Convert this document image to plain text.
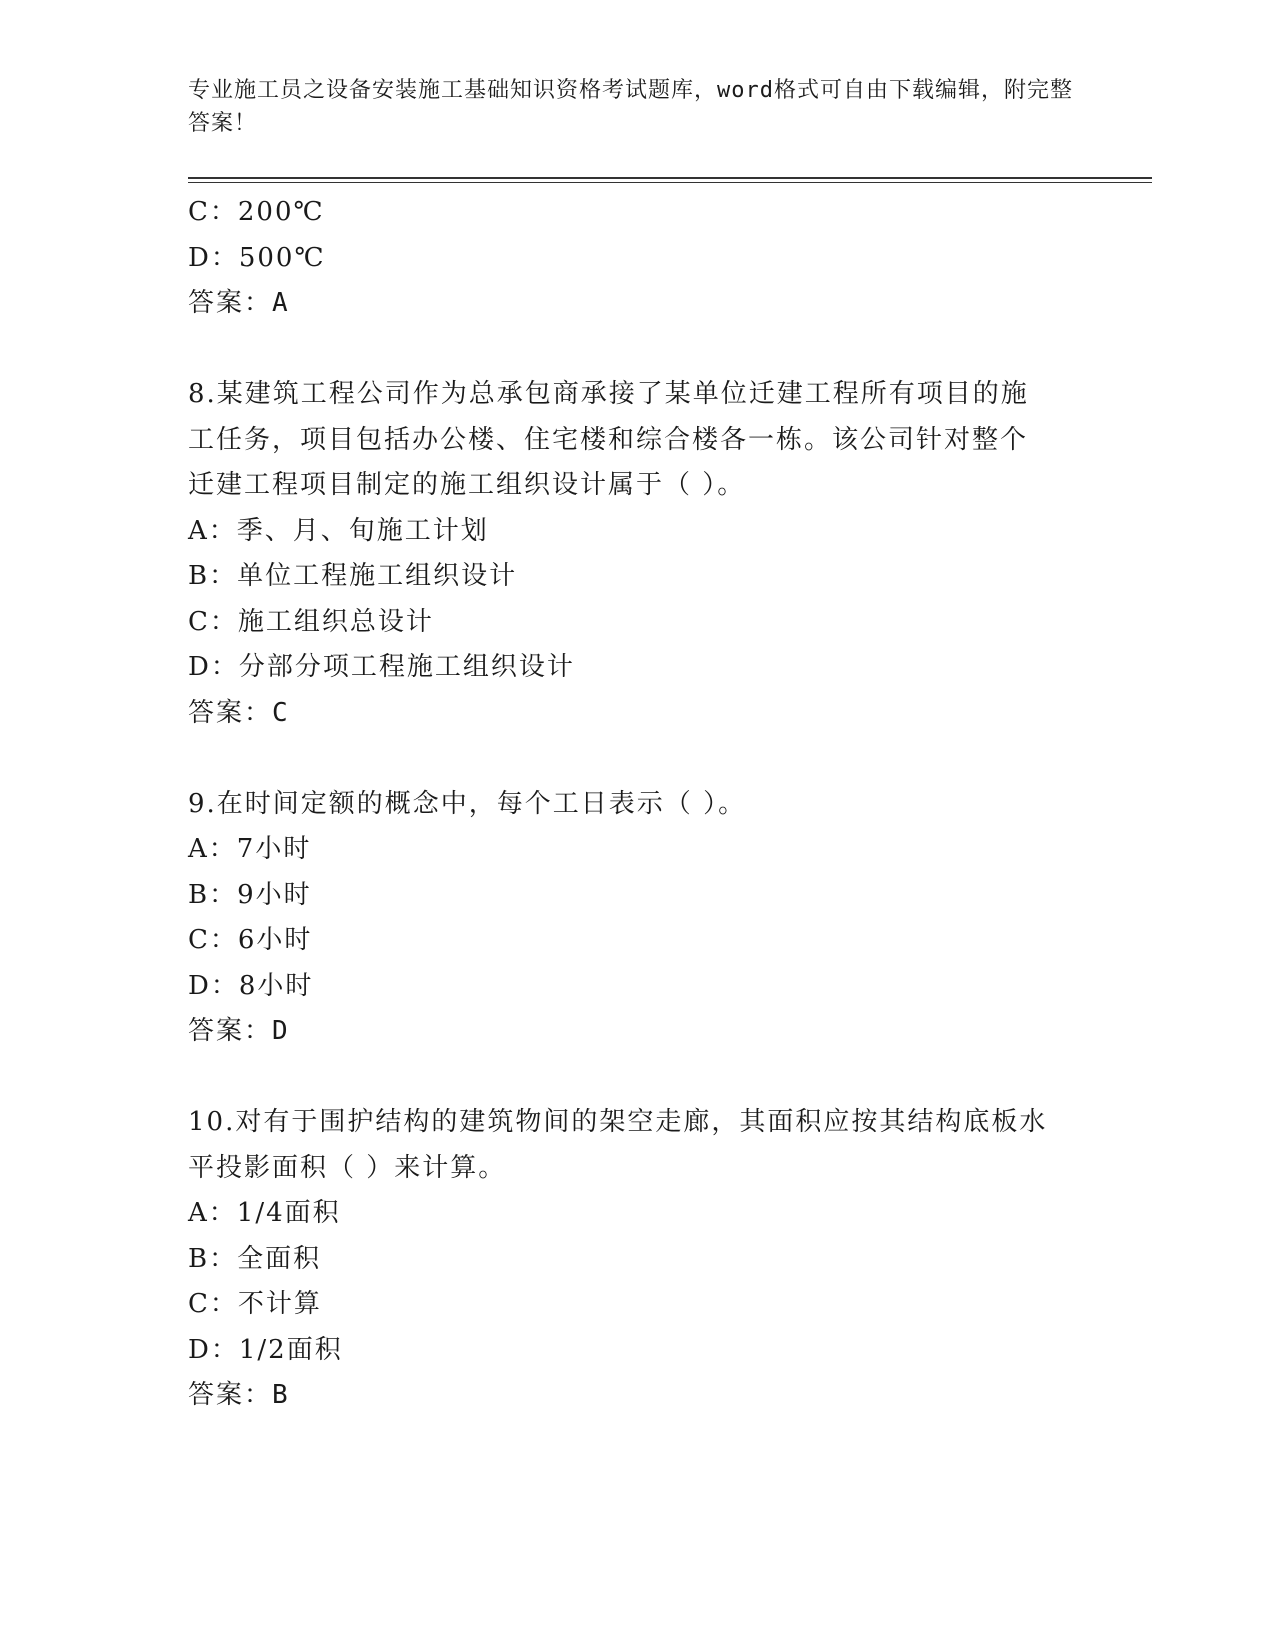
专业施工员之设备安装施工基础知识资格考试题库，word格式可自由下载编辑，附完整答案！
C：200℃
D：500℃
答案：A
8.某建筑工程公司作为总承包商承接了某单位迁建工程所有项目的施
工任务，项目包括办公楼、住宅楼和综合楼各一栋。该公司针对整个
迁建工程项目制定的施工组织设计属于（ ）。
A：季、月、旬施工计划
B：单位工程施工组织设计
C：施工组织总设计
D：分部分项工程施工组织设计
答案：C
9.在时间定额的概念中，每个工日表示（ ）。
A：7小时
B：9小时
C：6小时
D：8小时
答案：D
10.对有于围护结构的建筑物间的架空走廊，其面积应按其结构底板水
平投影面积（ ）来计算。
A：1/4面积
B：全面积
C：不计算
D：1/2面积
答案：B
